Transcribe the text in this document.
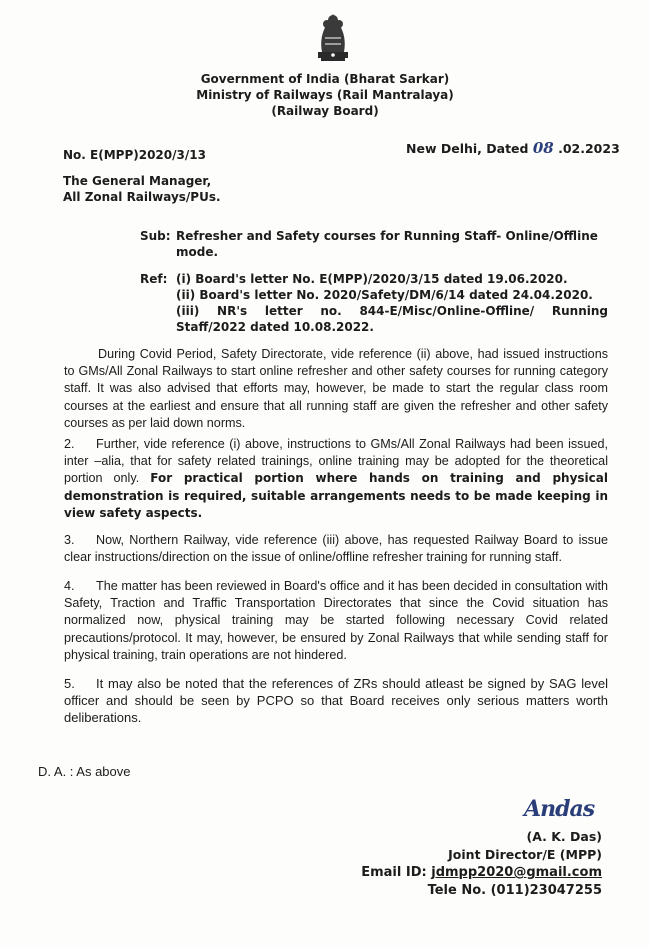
Government of India (Bharat Sarkar)
Ministry of Railways (Rail Mantralaya)
(Railway Board)
No. E(MPP)2020/3/13	New Delhi, Dated 08 .02.2023
The General Manager,
All Zonal Railways/PUs.
Sub: Refresher and Safety courses for Running Staff- Online/Offline
mode.
Ref: (i) Board's letter No. E(MPP)/2020/3/15 dated 19.06.2020.
(ii) Board's letter No. 2020/Safety/DM/6/14 dated 24.04.2020.
(iii) NR's letter no. 844-E/Misc/Online-Offline/ Running
Staff/2022 dated 10.08.2022.
During Covid Period, Safety Directorate, vide reference (ii) above, had issued instructions to GMs/All Zonal Railways to start online refresher and other safety courses for running category staff. It was also advised that efforts may, however, be made to start the regular class room courses at the earliest and ensure that all running staff are given the refresher and other safety courses as per laid down norms.
2. Further, vide reference (i) above, instructions to GMs/All Zonal Railways had been issued, inter –alia, that for safety related trainings, online training may be adopted for the theoretical portion only. For practical portion where hands on training and physical demonstration is required, suitable arrangements needs to be made keeping in view safety aspects.
3. Now, Northern Railway, vide reference (iii) above, has requested Railway Board to issue clear instructions/direction on the issue of online/offline refresher training for running staff.
4. The matter has been reviewed in Board's office and it has been decided in consultation with Safety, Traction and Traffic Transportation Directorates that since the Covid situation has normalized now, physical training may be started following necessary Covid related precautions/protocol. It may, however, be ensured by Zonal Railways that while sending staff for physical training, train operations are not hindered.
5. It may also be noted that the references of ZRs should atleast be signed by SAG level officer and should be seen by PCPO so that Board receives only serious matters worth deliberations.
D. A. : As above
Andas
(A. K. Das)
Joint Director/E (MPP)
Email ID: jdmpp2020@gmail.com
Tele No. (011)23047255
